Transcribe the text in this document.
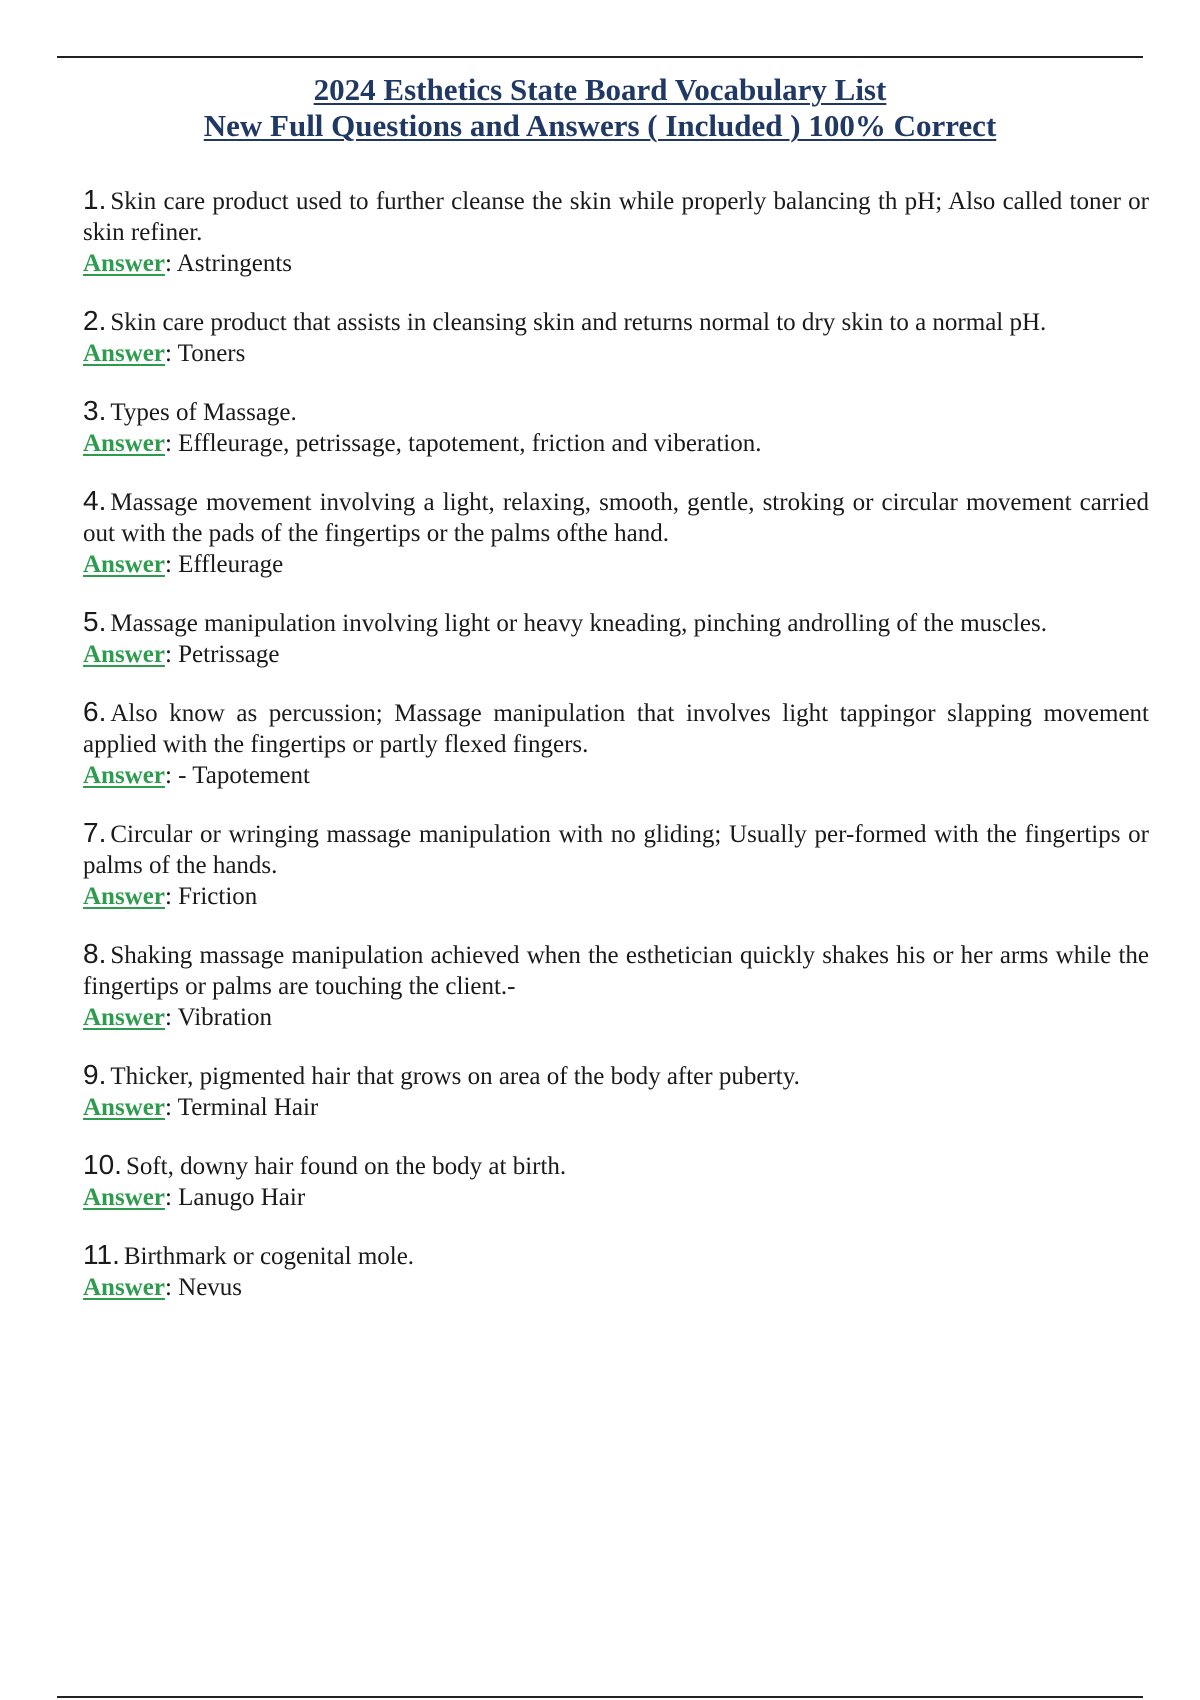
2024 Esthetics State Board Vocabulary List
New Full Questions and Answers ( Included ) 100% Correct

1. Skin care product used to further cleanse the skin while properly balancing th pH; Also called toner or skin refiner.

Answer: Astringents

2. Skin care product that assists in cleansing skin and returns normal to dry skin to a normal pH.

Answer: Toners

3. Types of Massage.

Answer: Effleurage, petrissage, tapotement, friction and viberation.

4. Massage movement involving a light, relaxing, smooth, gentle, stroking or circular movement carried out with the pads of the fingertips or the palms ofthe hand.

Answer: Effleurage

5. Massage manipulation involving light or heavy kneading, pinching androlling of the muscles.

Answer: Petrissage

6. Also know as percussion; Massage manipulation that involves light tappingor slapping movement applied with the fingertips or partly flexed fingers.

Answer: - Tapotement

7. Circular or wringing massage manipulation with no gliding; Usually per-formed with the fingertips or palms of the hands.

Answer: Friction

8. Shaking massage manipulation achieved when the esthetician quickly shakes his or her arms while the fingertips or palms are touching the client.-

Answer: Vibration

9. Thicker, pigmented hair that grows on area of the body after puberty.

Answer: Terminal Hair

10. Soft, downy hair found on the body at birth.

Answer: Lanugo Hair

11. Birthmark or cogenital mole.

Answer: Nevus
